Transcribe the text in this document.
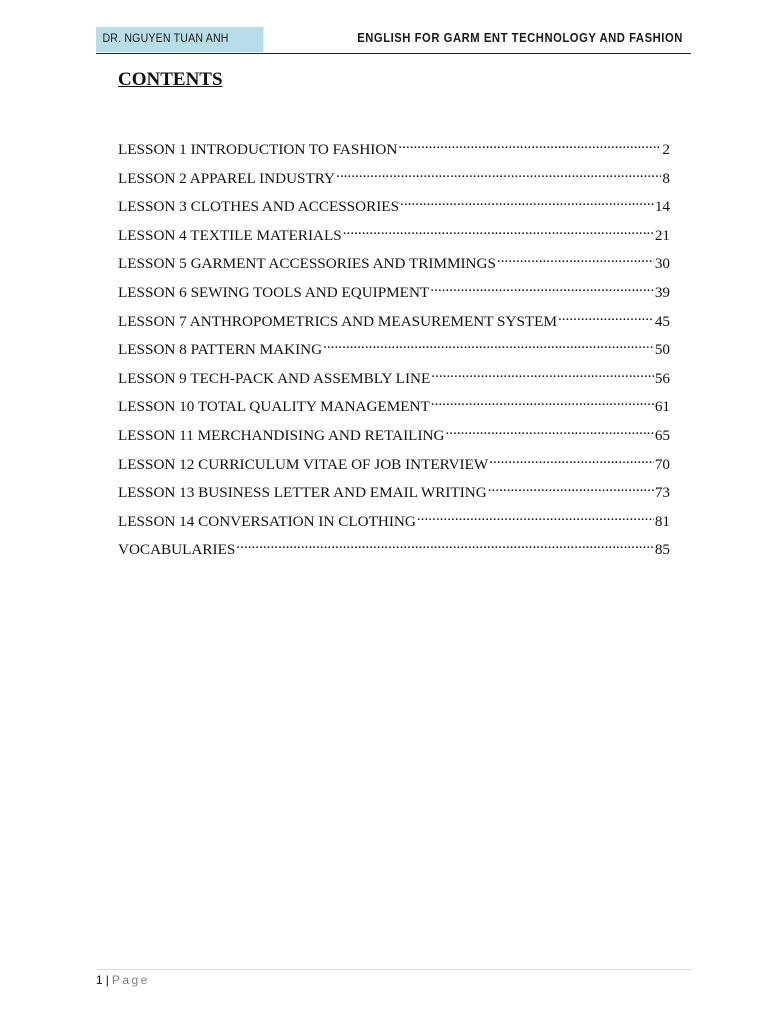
DR. NGUYEN TUAN ANH	ENGLISH FOR GARM ENT TECHNOLOGY AND FASHION
CONTENTS
LESSON 1 INTRODUCTION TO FASHION .....	2
LESSON 2 APPAREL INDUSTRY .....	8
LESSON 3 CLOTHES AND ACCESSORIES .....	14
LESSON 4 TEXTILE MATERIALS .....	21
LESSON 5 GARMENT ACCESSORIES AND TRIMMINGS .....	30
LESSON 6 SEWING TOOLS AND EQUIPMENT .....	39
LESSON 7 ANTHROPOMETRICS AND MEASUREMENT SYSTEM .....	45
LESSON 8 PATTERN MAKING .....	50
LESSON 9 TECH-PACK AND ASSEMBLY LINE .....	56
LESSON 10 TOTAL QUALITY MANAGEMENT .....	61
LESSON 11 MERCHANDISING AND RETAILING .....	65
LESSON 12 CURRICULUM VITAE OF JOB INTERVIEW .....	70
LESSON 13 BUSINESS LETTER AND EMAIL WRITING .....	73
LESSON 14 CONVERSATION IN CLOTHING .....	81
VOCABULARIES .....	85
1 | Page
